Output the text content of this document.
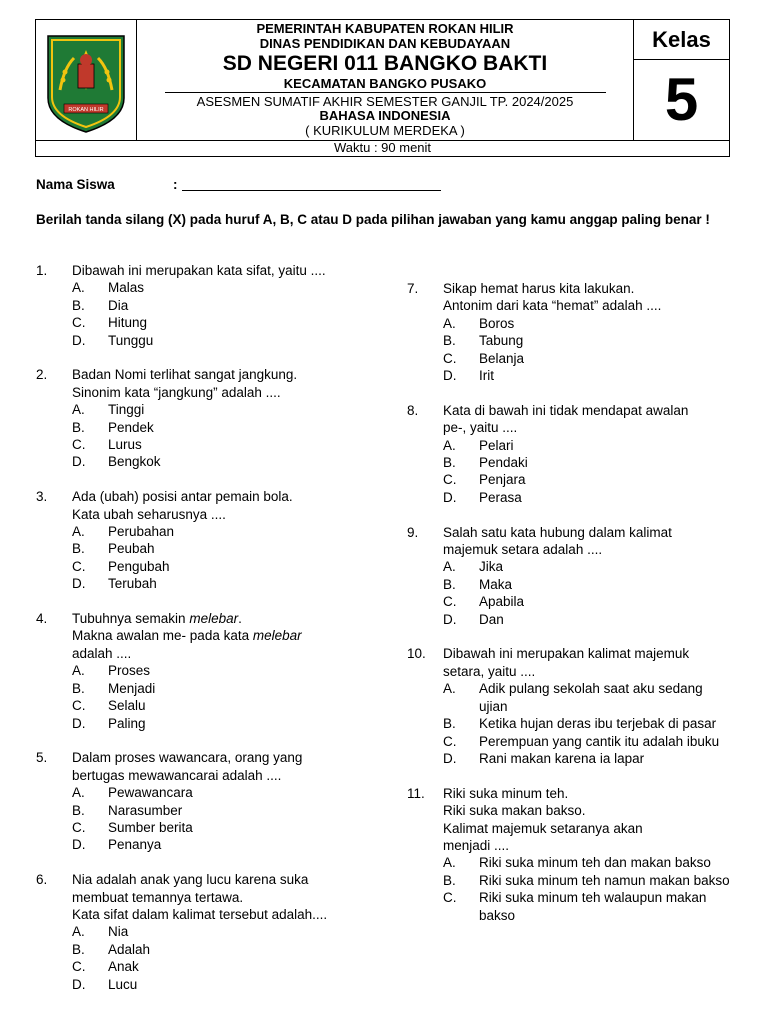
ROKAN HILIR
PEMERINTAH KABUPATEN ROKAN HILIR
DINAS PENDIDIKAN DAN KEBUDAYAAN
SD NEGERI 011 BANGKO BAKTI
KECAMATAN BANGKO PUSAKO
ASESMEN SUMATIF AKHIR SEMESTER GANJIL TP. 2024/2025
BAHASA INDONESIA
( KURIKULUM MERDEKA )
Kelas
5
Waktu : 90 menit
Nama Siswa	:
Berilah tanda silang (X) pada huruf A, B, C atau D pada pilihan jawaban yang kamu anggap paling benar !
1. Dibawah ini merupakan kata sifat, yaitu ....
A. Malas
B. Dia
C. Hitung
D. Tunggu
2. Badan Nomi terlihat sangat jangkung.
Sinonim kata “jangkung” adalah ....
A. Tinggi
B. Pendek
C. Lurus
D. Bengkok
3. Ada (ubah) posisi antar pemain bola.
Kata ubah seharusnya ....
A. Perubahan
B. Peubah
C. Pengubah
D. Terubah
4. Tubuhnya semakin melebar.
Makna awalan me- pada kata melebar
adalah ....
A. Proses
B. Menjadi
C. Selalu
D. Paling
5. Dalam proses wawancara, orang yang
bertugas mewawancarai adalah ....
A. Pewawancara
B. Narasumber
C. Sumber berita
D. Penanya
6. Nia adalah anak yang lucu karena suka
membuat temannya tertawa.
Kata sifat dalam kalimat tersebut adalah....
A. Nia
B. Adalah
C. Anak
D. Lucu
7. Sikap hemat harus kita lakukan.
Antonim dari kata “hemat” adalah ....
A. Boros
B. Tabung
C. Belanja
D. Irit
8. Kata di bawah ini tidak mendapat awalan
pe-, yaitu ....
A. Pelari
B. Pendaki
C. Penjara
D. Perasa
9. Salah satu kata hubung dalam kalimat
majemuk setara adalah ....
A. Jika
B. Maka
C. Apabila
D. Dan
10. Dibawah ini merupakan kalimat majemuk
setara, yaitu ....
A. Adik pulang sekolah saat aku sedang ujian
B. Ketika hujan deras ibu terjebak di pasar
C. Perempuan yang cantik itu adalah ibuku
D. Rani makan karena ia lapar
11. Riki suka minum teh.
Riki suka makan bakso.
Kalimat majemuk setaranya akan
menjadi ....
A. Riki suka minum teh dan makan bakso
B. Riki suka minum teh namun makan bakso
C. Riki suka minum teh walaupun makan bakso
